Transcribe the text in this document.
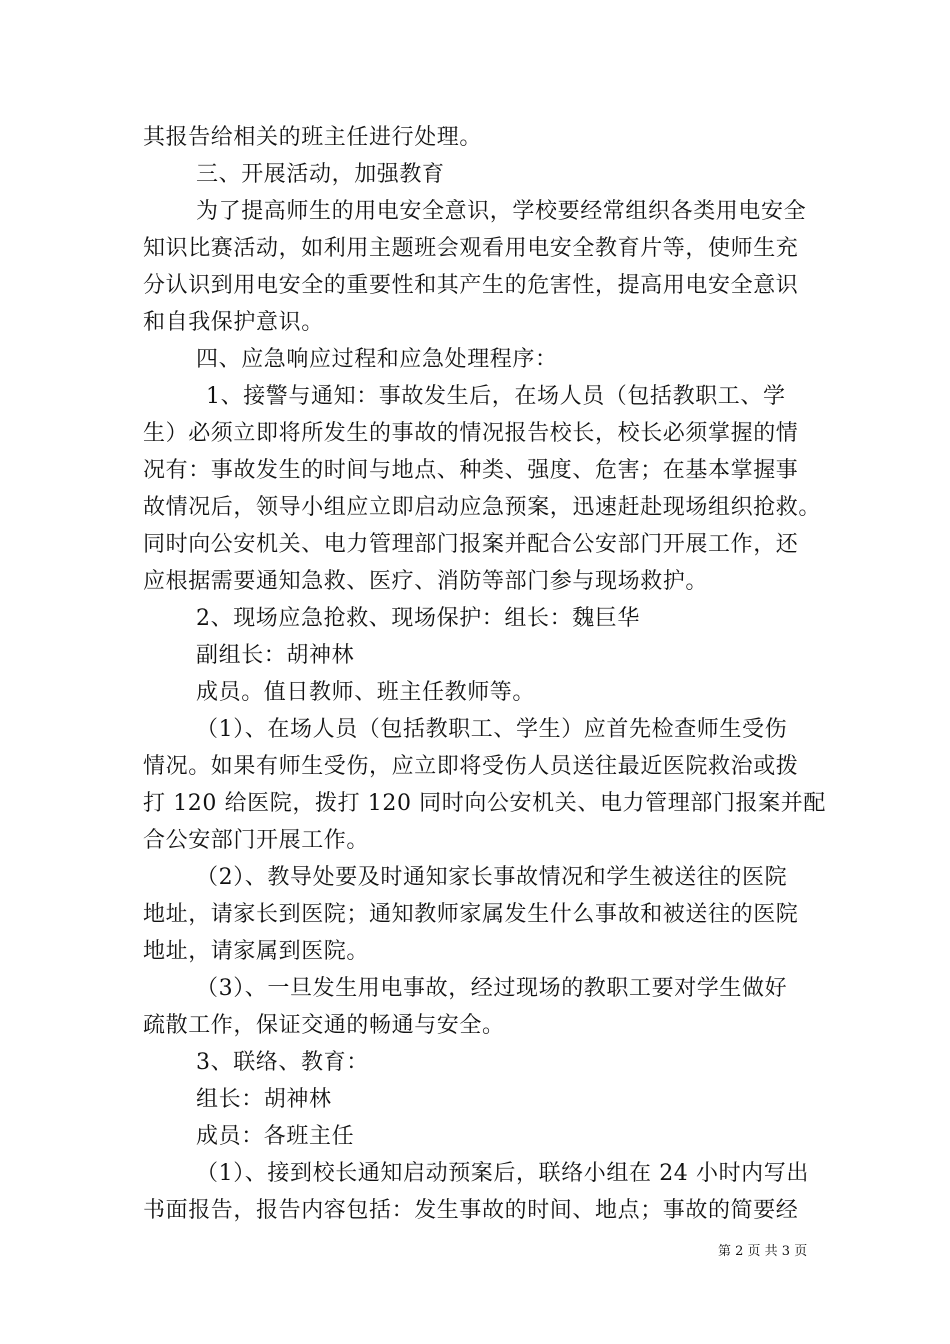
其报告给相关的班主任进行处理。
三、开展活动，加强教育
为了提高师生的用电安全意识，学校要经常组织各类用电安全
知识比赛活动，如利用主题班会观看用电安全教育片等，使师生充
分认识到用电安全的重要性和其产生的危害性，提高用电安全意识
和自我保护意识。
四、应急响应过程和应急处理程序：
1、接警与通知：事故发生后，在场人员（包括教职工、学
生）必须立即将所发生的事故的情况报告校长，校长必须掌握的情
况有：事故发生的时间与地点、种类、强度、危害；在基本掌握事
故情况后，领导小组应立即启动应急预案，迅速赶赴现场组织抢救。
同时向公安机关、电力管理部门报案并配合公安部门开展工作，还
应根据需要通知急救、医疗、消防等部门参与现场救护。
2、现场应急抢救、现场保护：组长：魏巨华
副组长：胡神林
成员。值日教师、班主任教师等。
（1）、在场人员（包括教职工、学生）应首先检查师生受伤
情况。如果有师生受伤，应立即将受伤人员送往最近医院救治或拨
打 120 给医院，拨打 120 同时向公安机关、电力管理部门报案并配
合公安部门开展工作。
（2）、教导处要及时通知家长事故情况和学生被送往的医院
地址，请家长到医院；通知教师家属发生什么事故和被送往的医院
地址，请家属到医院。
（3）、一旦发生用电事故，经过现场的教职工要对学生做好
疏散工作，保证交通的畅通与安全。
3、联络、教育：
组长：胡神林
成员：各班主任
（1）、接到校长通知启动预案后，联络小组在 24 小时内写出
书面报告，报告内容包括：发生事故的时间、地点；事故的简要经
第 2 页 共 3 页
